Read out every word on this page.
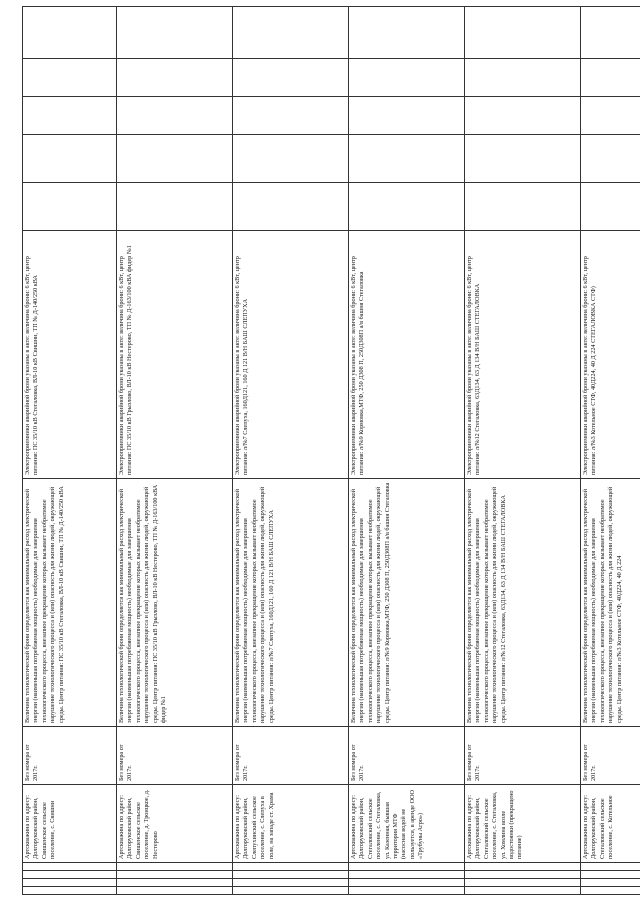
				Артскважина по адресу: Долгоруковский район, Свишенское сельское поселение, с. Свишни	Без номера от 2017г.	Величина технологической брони определяется как минимальный расход электрической энергии (наименьшая потребляемая мощность) необходимые для завершения технологического процесса, внезапное прекращение которых вызывает необратимое нарушение технологического процесса и (или) опасность для жизни людей, окружающей среды. Центр питания: ПС 35/10 кВ Стегаловка, ВЛ-10 кВ Свишни, ТП № Д-140/250 кВА	Электроприемники аварийной брони указаны в акте: величина брони: 6 кВт, центр питания: ПС 35/10 кВ Стегаловка, ВЛ-10 кВ Свишни, ТП № Д-140/250 кВА					
				Артскважина по адресу: Долгоруковский район, Свишенское сельское поселение, д. Троицкое, д. Нестерово	Без номера от 2017г.	Величина технологической брони определяется как минимальный расход электрической энергии (наименьшая потребляемая мощность) необходимые для завершения технологического процесса, внезапное прекращение которых вызывает необратимое нарушение технологического процесса и (или) опасность для жизни людей, окружающей среды. Центр питания: ПС 35/10 кВ Грызлово, ВЛ-10 кВ Нестерово, ТП № Д-163/100 кВА фидер №1	Электроприемники аварийной брони указаны в акте: величина брони: 6 кВт, центр питания: ПС 35/10 кВ Грызлово, ВЛ-10 кВ Нестерово, ТП № Д-163/100 кВА фидер №1					
				Артскважина по адресу: Долгоруковский район, Слепухинский сельское поселение, с. Слепуха в поле, на западе ст. Храма	Без номера от 2017г.	Величина технологической брони определяется как минимальный расход электрической энергии (наименьшая потребляемая мощность) необходимые для завершения технологического процесса, внезапное прекращение которых вызывает необратимое нарушение технологического процесса и (или) опасность для жизни людей, окружающей среды. Центр питания: л/№7 Слепуха, 160Д121, 160 Д 121 В/Н БАШ СЛЕПУХА	Электроприемники аварийной брони указаны в акте: величина брони: 6 кВт, центр питания: л/№7 Слепуха, 160Д121, 160 Д 121 В/Н БАШ СЛЕПУХА					
				Артскважина по адресу: Долгоруковский район, Стегаловский сельское поселение, с. Стегаловка, ул. Казенная, бывшая территория МТФ (насосная водой не пользуется, в аренде ООО «Трубуны Агро»)	Без номера от 2017г.	Величина технологической брони определяется как минимальный расход электрической энергии (наименьшая потребляемая мощность) необходимые для завершения технологического процесса, внезапное прекращение которых вызывает необратимое нарушение технологического процесса и (или) опасность для жизни людей, окружающей среды. Центр питания: л/№9 Кормовка,МТФ, 250 Д308 П, 250Д308П а/в башня Стегаловка	Электроприемники аварийной брони указаны в акте: величина брони: 6 кВт, центр питания: л/№9 Кормовка,МТФ, 250 Д308 П, 250Д308П а/в башня Стегаловка					
				Артскважина по адресу: Долгоруковский район, Стегаловский сельское поселение, с. Стегаловка, ул. Хомлина возле водостоянки (прекращено питание)	Без номера от 2017г.	Величина технологической брони определяется как минимальный расход электрической энергии (наименьшая потребляемая мощность) необходимые для завершения технологического процесса, внезапное прекращение которых вызывает необратимое нарушение технологического процесса и (или) опасность для жизни людей, окружающей среды. Центр питания: л/№12 Стегаловка, 63Д134, 63 Д 134 В/Н БАШ СТЕГАЛОВКА	Электроприемники аварийной брони указаны в акте: величина брони: 6 кВт, центр питания: л/№12 Стегаловка, 63Д134, 63 Д 134 В/Н БАШ СТЕГАЛОВКА					
				Артскважина по адресу: Долгоруковский район, Стегаловский сельское поселение, с. Котельное	Без номера от 2017г.	Величина технологической брони определяется как минимальный расход электрической энергии (наименьшая потребляемая мощность) необходимые для завершения технологического процесса, внезапное прекращение которых вызывает необратимое нарушение технологического процесса и (или) опасность для жизни людей, окружающей среды. Центр питания: л/№3 Котельное СТФ, 40Д224, 40 Д 224	Электроприемники аварийной брони указаны в акте: величина брони: 6 кВт, центр питания: л/№3 Котельное СТФ, 40Д224, 40 Д 224 СТЕГАЛОВКА СТФ)					
